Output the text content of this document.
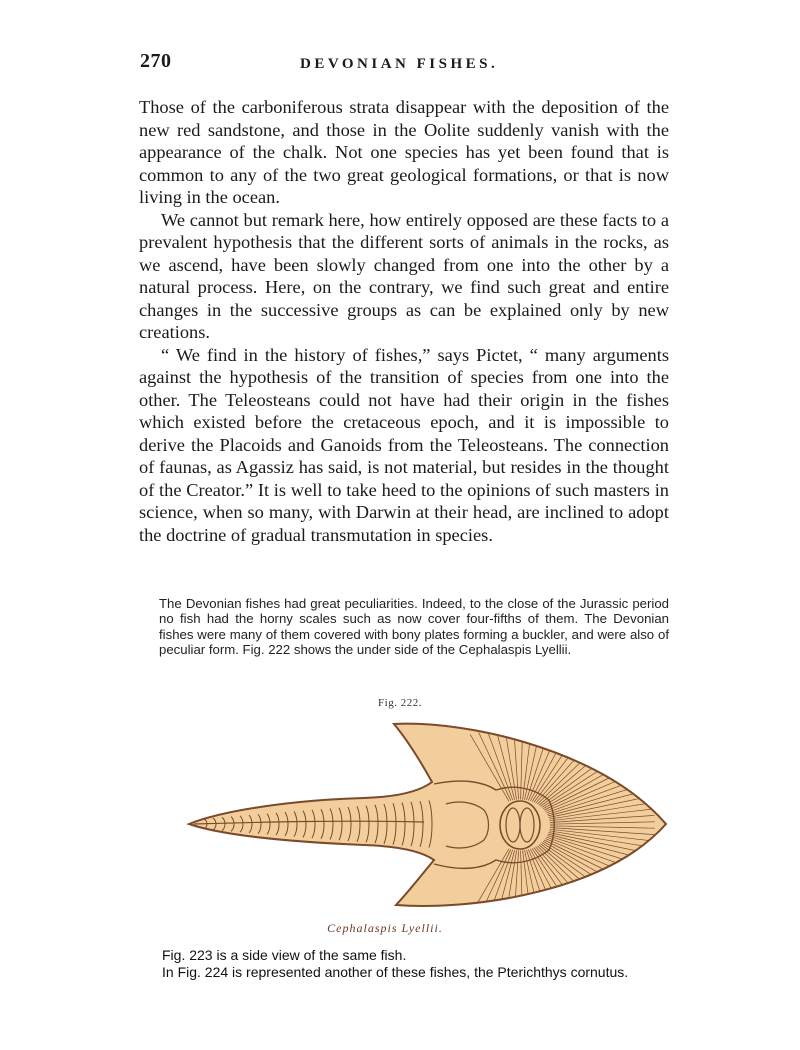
270	DEVONIAN FISHES.

Those of the carboniferous strata disappear with the deposition of the new red sandstone, and those in the Oolite suddenly vanish with the appearance of the chalk. Not one species has yet been found that is common to any of the two great geological formations, or that is now living in the ocean.

We cannot but remark here, how entirely opposed are these facts to a prevalent hypothesis that the different sorts of animals in the rocks, as we ascend, have been slowly changed from one into the other by a natural process. Here, on the contrary, we find such great and entire changes in the successive groups as can be explained only by new creations.

“ We find in the history of fishes,” says Pictet, “ many arguments against the hypothesis of the transition of species from one into the other. The Teleosteans could not have had their origin in the fishes which existed before the cretaceous epoch, and it is impossible to derive the Placoids and Ganoids from the Teleosteans. The connection of faunas, as Agassiz has said, is not material, but resides in the thought of the Creator.” It is well to take heed to the opinions of such masters in science, when so many, with Darwin at their head, are inclined to adopt the doctrine of gradual transmutation in species.

The Devonian fishes had great peculiarities. Indeed, to the close of the Jurassic period no fish had the horny scales such as now cover four-fifths of them. The Devonian fishes were many of them covered with bony plates forming a buckler, and were also of peculiar form. Fig. 222 shows the under side of the Cephalaspis Lyellii.

Fig. 222.
Cephalaspis Lyellii.

Fig. 223 is a side view of the same fish.

In Fig. 224 is represented another of these fishes, the Pterichthys cornutus.
